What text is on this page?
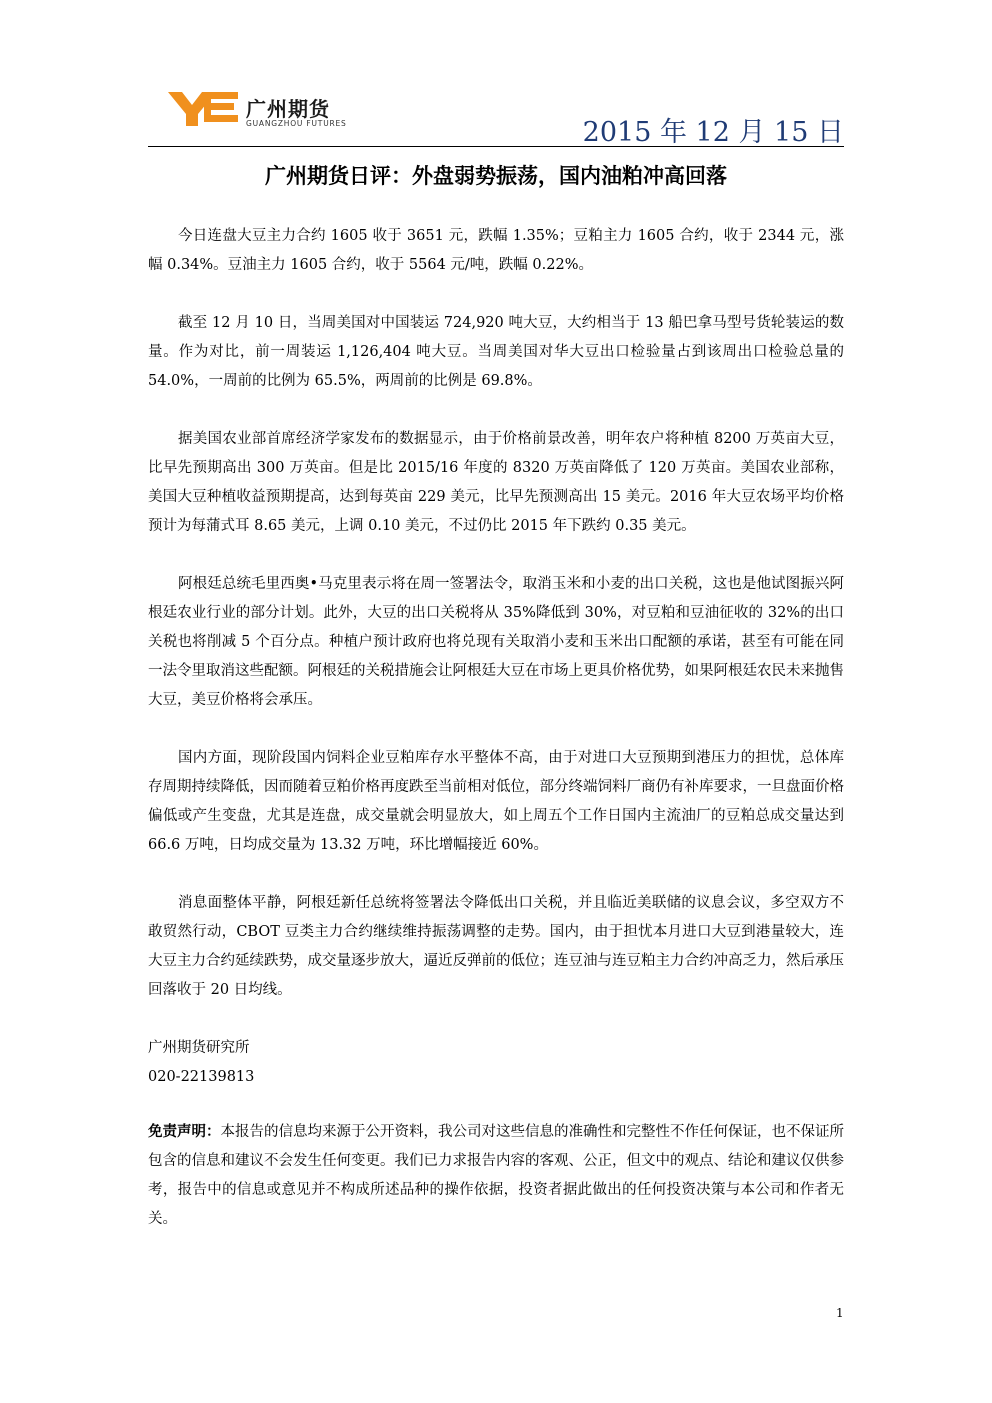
广州期货
GUANGZHOU FUTURES	2015 年 12 月 15 日
广州期货日评：外盘弱势振荡，国内油粕冲高回落

今日连盘大豆主力合约 1605 收于 3651 元，跌幅 1.35%；豆粕主力 1605 合约，收于 2344 元，涨幅 0.34%。豆油主力 1605 合约，收于 5564 元/吨，跌幅 0.22%。

截至 12 月 10 日，当周美国对中国装运 724,920 吨大豆，大约相当于 13 船巴拿马型号货轮装运的数量。作为对比，前一周装运 1,126,404 吨大豆。当周美国对华大豆出口检验量占到该周出口检验总量的 54.0%，一周前的比例为 65.5%，两周前的比例是 69.8%。

据美国农业部首席经济学家发布的数据显示，由于价格前景改善，明年农户将种植 8200 万英亩大豆，比早先预期高出 300 万英亩。但是比 2015/16 年度的 8320 万英亩降低了 120 万英亩。美国农业部称，美国大豆种植收益预期提高，达到每英亩 229 美元，比早先预测高出 15 美元。2016 年大豆农场平均价格预计为每蒲式耳 8.65 美元，上调 0.10 美元，不过仍比 2015 年下跌约 0.35 美元。

阿根廷总统毛里西奥•马克里表示将在周一签署法令，取消玉米和小麦的出口关税，这也是他试图振兴阿根廷农业行业的部分计划。此外，大豆的出口关税将从 35%降低到 30%，对豆粕和豆油征收的 32%的出口关税也将削减 5 个百分点。种植户预计政府也将兑现有关取消小麦和玉米出口配额的承诺，甚至有可能在同一法令里取消这些配额。阿根廷的关税措施会让阿根廷大豆在市场上更具价格优势，如果阿根廷农民未来抛售大豆，美豆价格将会承压。

国内方面，现阶段国内饲料企业豆粕库存水平整体不高，由于对进口大豆预期到港压力的担忧，总体库存周期持续降低，因而随着豆粕价格再度跌至当前相对低位，部分终端饲料厂商仍有补库要求，一旦盘面价格偏低或产生变盘，尤其是连盘，成交量就会明显放大，如上周五个工作日国内主流油厂的豆粕总成交量达到 66.6 万吨，日均成交量为 13.32 万吨，环比增幅接近 60%。

消息面整体平静，阿根廷新任总统将签署法令降低出口关税，并且临近美联储的议息会议，多空双方不敢贸然行动，CBOT 豆类主力合约继续维持振荡调整的走势。国内，由于担忧本月进口大豆到港量较大，连大豆主力合约延续跌势，成交量逐步放大，逼近反弹前的低位；连豆油与连豆粕主力合约冲高乏力，然后承压回落收于 20 日均线。

广州期货研究所

020-22139813

免责声明：本报告的信息均来源于公开资料，我公司对这些信息的准确性和完整性不作任何保证，也不保证所包含的信息和建议不会发生任何变更。我们已力求报告内容的客观、公正，但文中的观点、结论和建议仅供参考，报告中的信息或意见并不构成所述品种的操作依据，投资者据此做出的任何投资决策与本公司和作者无关。

1
